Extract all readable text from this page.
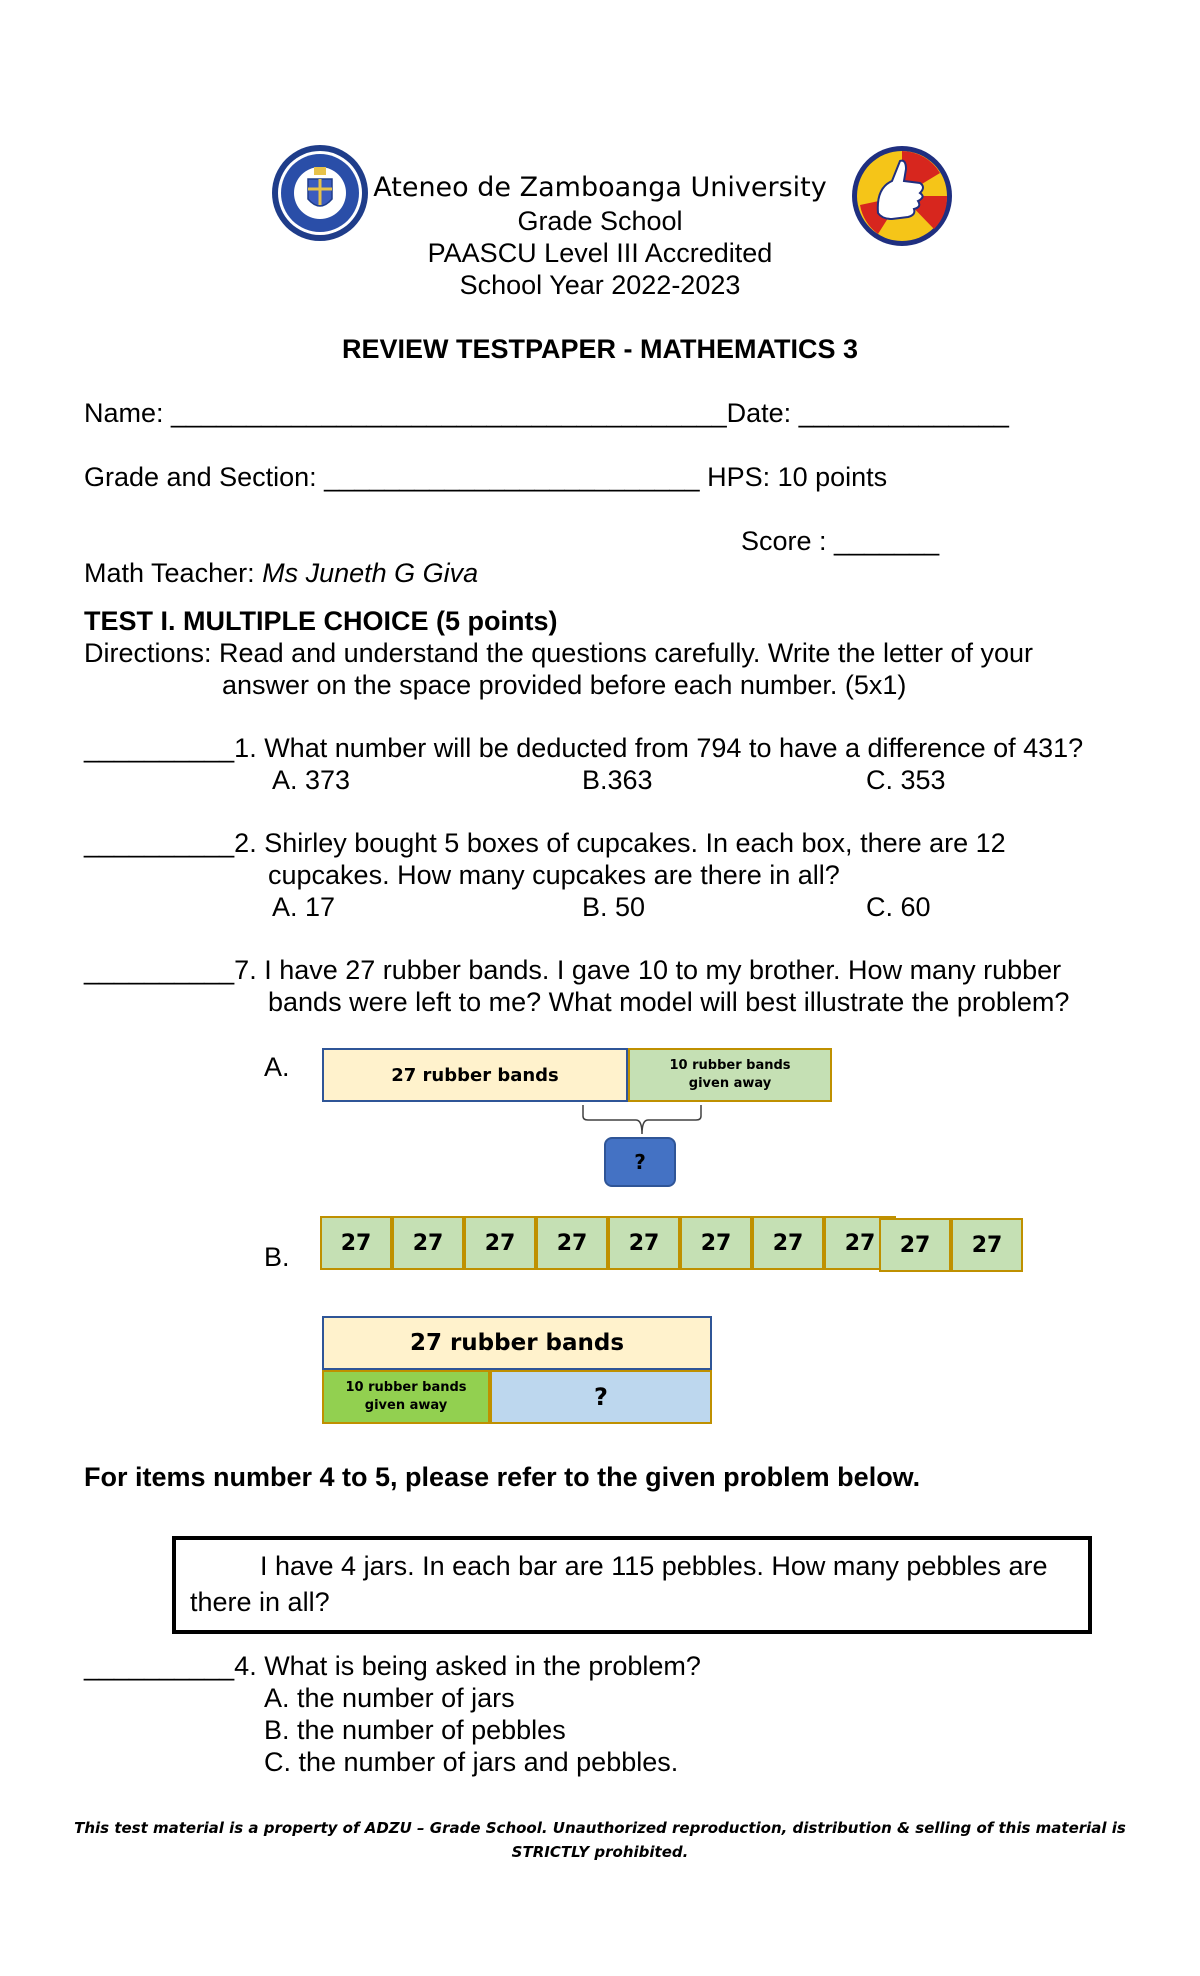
Ateneo de Zamboanga University
Grade School
PAASCU Level III Accredited
School Year 2022-2023
REVIEW TESTPAPER - MATHEMATICS 3
Name: _____________________________________Date: ______________
Grade and Section: _________________________ HPS: 10 points
Score : _______
Math Teacher: Ms Juneth G Giva
TEST I. MULTIPLE CHOICE (5 points)
Directions: Read and understand the questions carefully. Write the letter of your
answer on the space provided before each number. (5x1)
__________1. What number will be deducted from 794 to have a difference of 431?
A. 373	B.363	C. 353
__________2. Shirley bought 5 boxes of cupcakes. In each box, there are 12
cupcakes. How many cupcakes are there in all?
A. 17	B. 50	C. 60
__________7. I have 27 rubber bands. I gave 10 to my brother. How many rubber
bands were left to me? What model will best illustrate the problem?
A.
B.
27 rubber bands	10 rubber bands given away
?
27 27 27 27 27 27 27 27 27 27
27 rubber bands
10 rubber bands given away	?
For items number 4 to 5, please refer to the given problem below.
I have 4 jars. In each bar are 115 pebbles. How many pebbles are
there in all?
__________4. What is being asked in the problem?
A. the number of jars
B. the number of pebbles
C. the number of jars and pebbles.
This test material is a property of ADZU – Grade School. Unauthorized reproduction, distribution & selling of this material is
STRICTLY prohibited.
